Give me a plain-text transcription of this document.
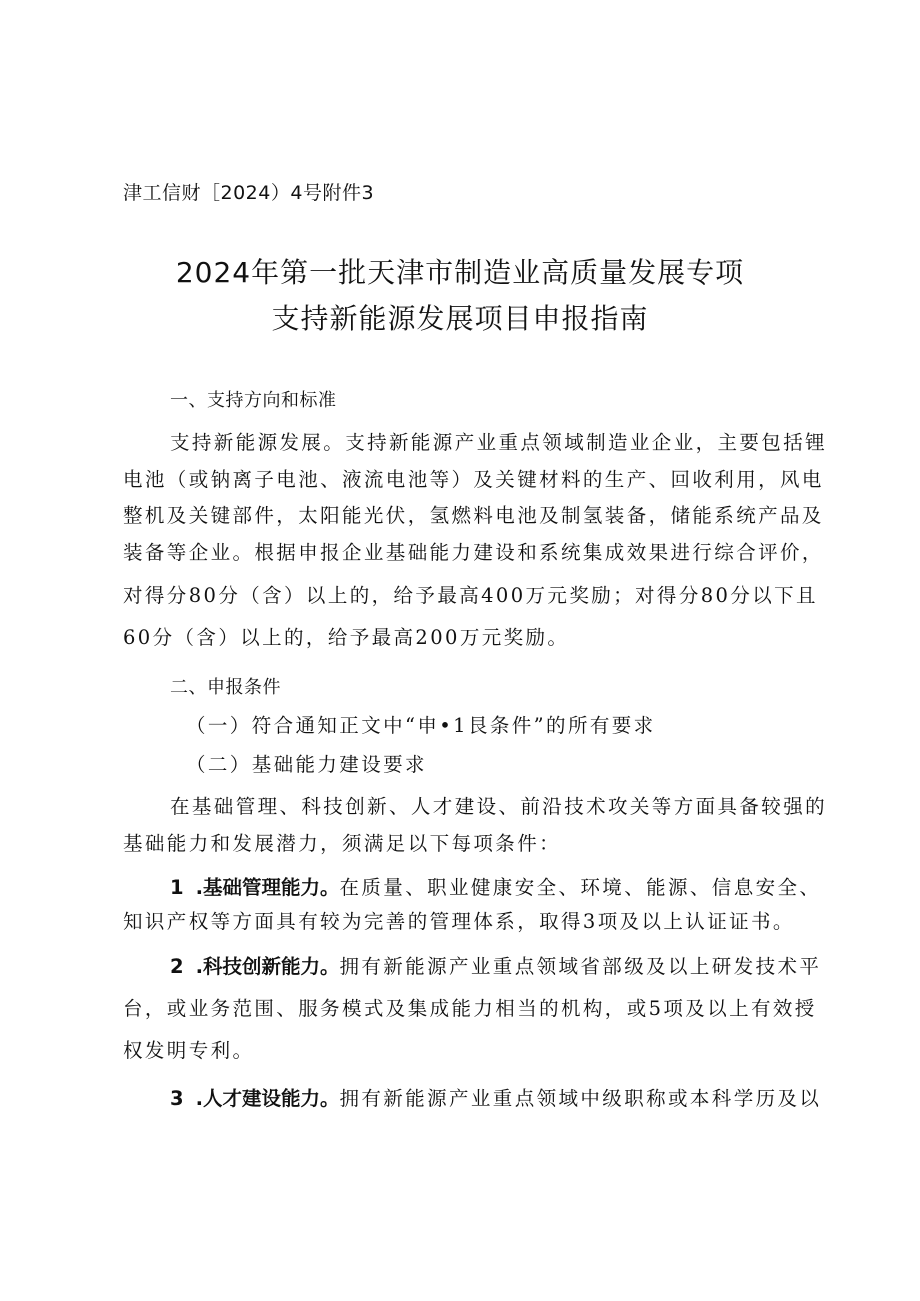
津工信财［2024）4号附件3
2024年第一批天津市制造业高质量发展专项
支持新能源发展项目申报指南
一、支持方向和标准
支持新能源发展。支持新能源产业重点领域制造业企业，主要包括锂
电池（或钠离子电池、液流电池等）及关键材料的生产、回收利用，风电
整机及关键部件，太阳能光伏，氢燃料电池及制氢装备，储能系统产品及
装备等企业。根据申报企业基础能力建设和系统集成效果进行综合评价，
对得分80分（含）以上的，给予最高400万元奖励；对得分80分以下且
60分（含）以上的，给予最高200万元奖励。
二、申报条件
（一）符合通知正文中“申•1艮条件”的所有要求
（二）基础能力建设要求
在基础管理、科技创新、人才建设、前沿技术攻关等方面具备较强的
基础能力和发展潜力，须满足以下每项条件：
1 .基础管理能力。在质量、职业健康安全、环境、能源、信息安全、
知识产权等方面具有较为完善的管理体系，取得3项及以上认证证书。
2 .科技创新能力。拥有新能源产业重点领域省部级及以上研发技术平
台，或业务范围、服务模式及集成能力相当的机构，或5项及以上有效授
权发明专利。
3 .人才建设能力。拥有新能源产业重点领域中级职称或本科学历及以
